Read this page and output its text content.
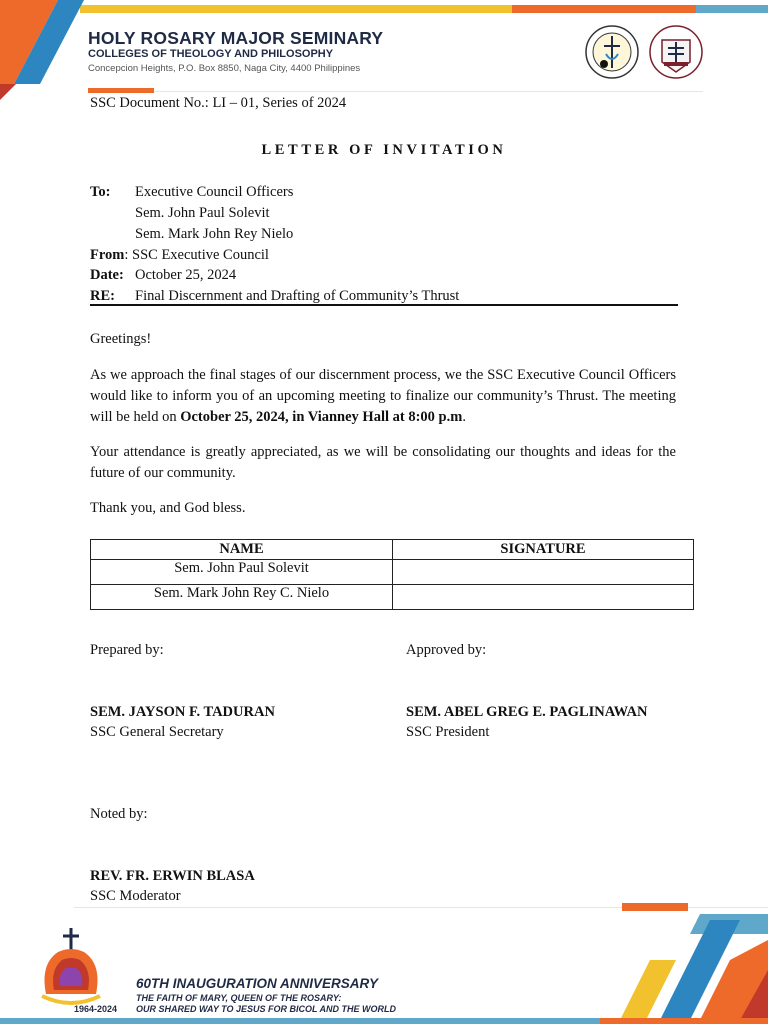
HOLY ROSARY MAJOR SEMINARY
COLLEGES OF THEOLOGY AND PHILOSOPHY
Concepcion Heights, P.O. Box 8850, Naga City, 4400 Philippines
SSC Document No.: LI – 01, Series of 2024
LETTER OF INVITATION
To: Executive Council Officers
Sem. John Paul Solevit
Sem. Mark John Rey Nielo
From: SSC Executive Council
Date: October 25, 2024
RE: Final Discernment and Drafting of Community’s Thrust
Greetings!
As we approach the final stages of our discernment process, we the SSC Executive Council Officers would like to inform you of an upcoming meeting to finalize our community’s Thrust. The meeting will be held on October 25, 2024, in Vianney Hall at 8:00 p.m.
Your attendance is greatly appreciated, as we will be consolidating our thoughts and ideas for the future of our community.
Thank you, and God bless.
NAME	SIGNATURE
Sem. John Paul Solevit	
Sem. Mark John Rey C. Nielo	
Prepared by:	Approved by:
SEM. JAYSON F. TADURAN
SSC General Secretary
SEM. ABEL GREG E. PAGLINAWAN
SSC President
Noted by:
REV. FR. ERWIN BLASA
SSC Moderator
1964-2024
60TH INAUGURATION ANNIVERSARY
THE FAITH OF MARY, QUEEN OF THE ROSARY:
OUR SHARED WAY TO JESUS FOR BICOL AND THE WORLD
